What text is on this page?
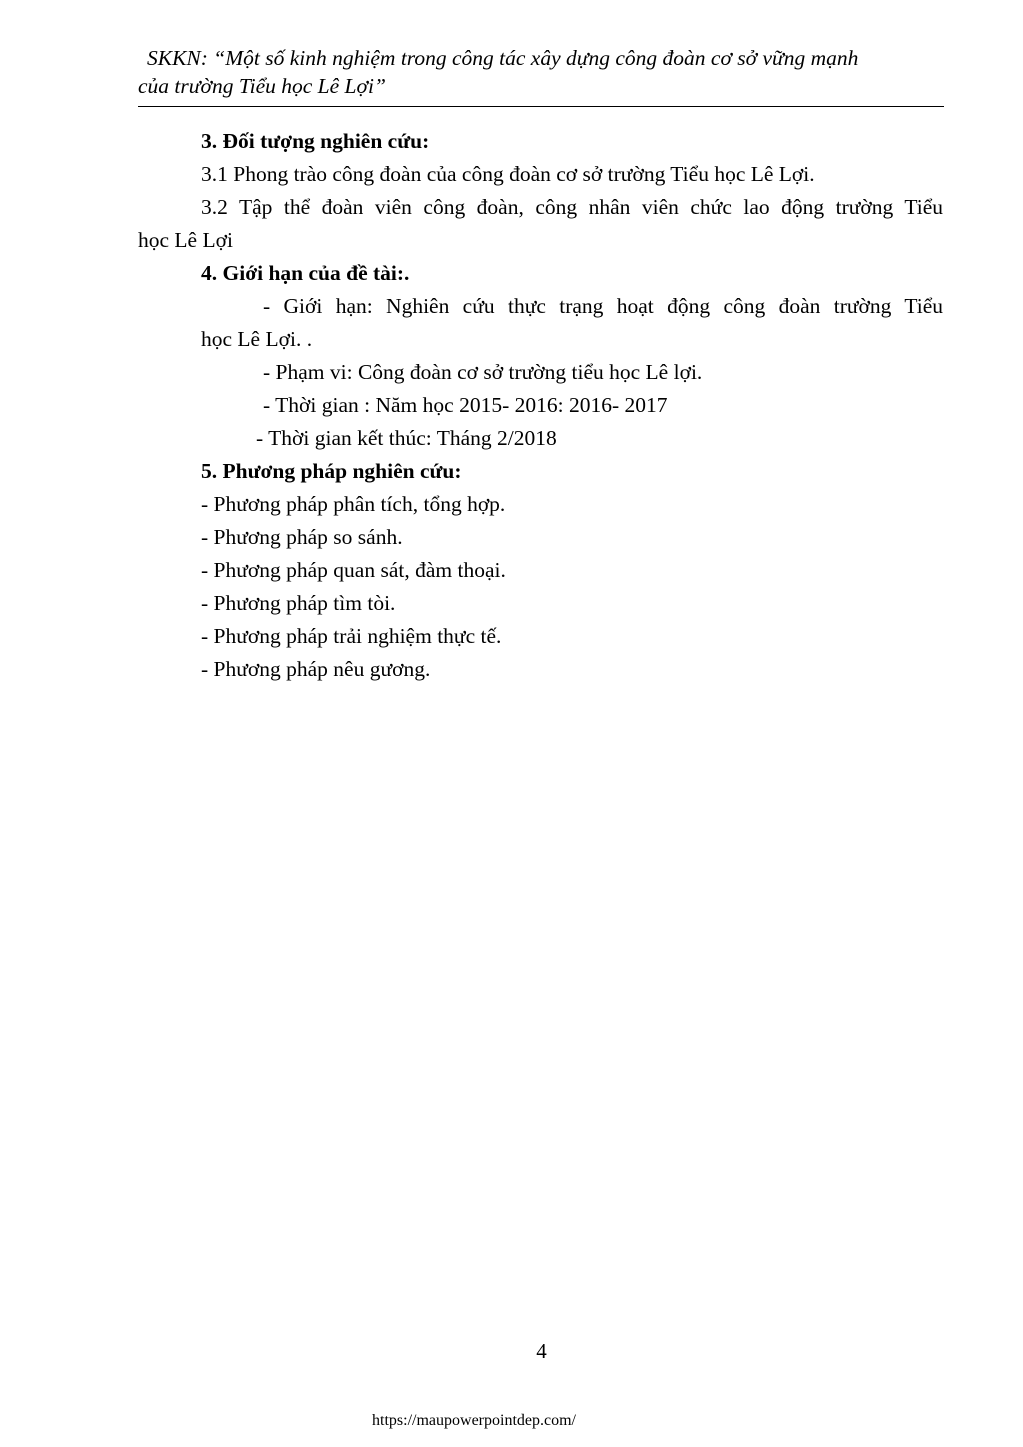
SKKN: “Một số kinh nghiệm trong công tác xây dựng công đoàn cơ sở vững mạnh
của trường Tiểu học Lê Lợi”
3. Đối tượng nghiên cứu:
3.1 Phong trào công đoàn của công đoàn cơ sở trường Tiểu học Lê Lợi.
3.2 Tập thể đoàn viên công đoàn, công nhân viên chức lao động trường Tiểu
học Lê Lợi
4. Giới hạn của đề tài:.
- Giới hạn: Nghiên cứu thực trạng hoạt động công đoàn trường Tiểu
học Lê Lợi. .
- Phạm vi: Công đoàn cơ sở trường tiểu học Lê lợi.
- Thời gian : Năm học 2015- 2016: 2016- 2017
- Thời gian kết thúc: Tháng 2/2018
5. Phương pháp nghiên cứu:
- Phương pháp phân tích, tổng hợp.
- Phương pháp so sánh.
- Phương pháp quan sát, đàm thoại.
- Phương pháp tìm tòi.
- Phương pháp trải nghiệm thực tế.
- Phương pháp nêu gương.
4
https://maupowerpointdep.com/
